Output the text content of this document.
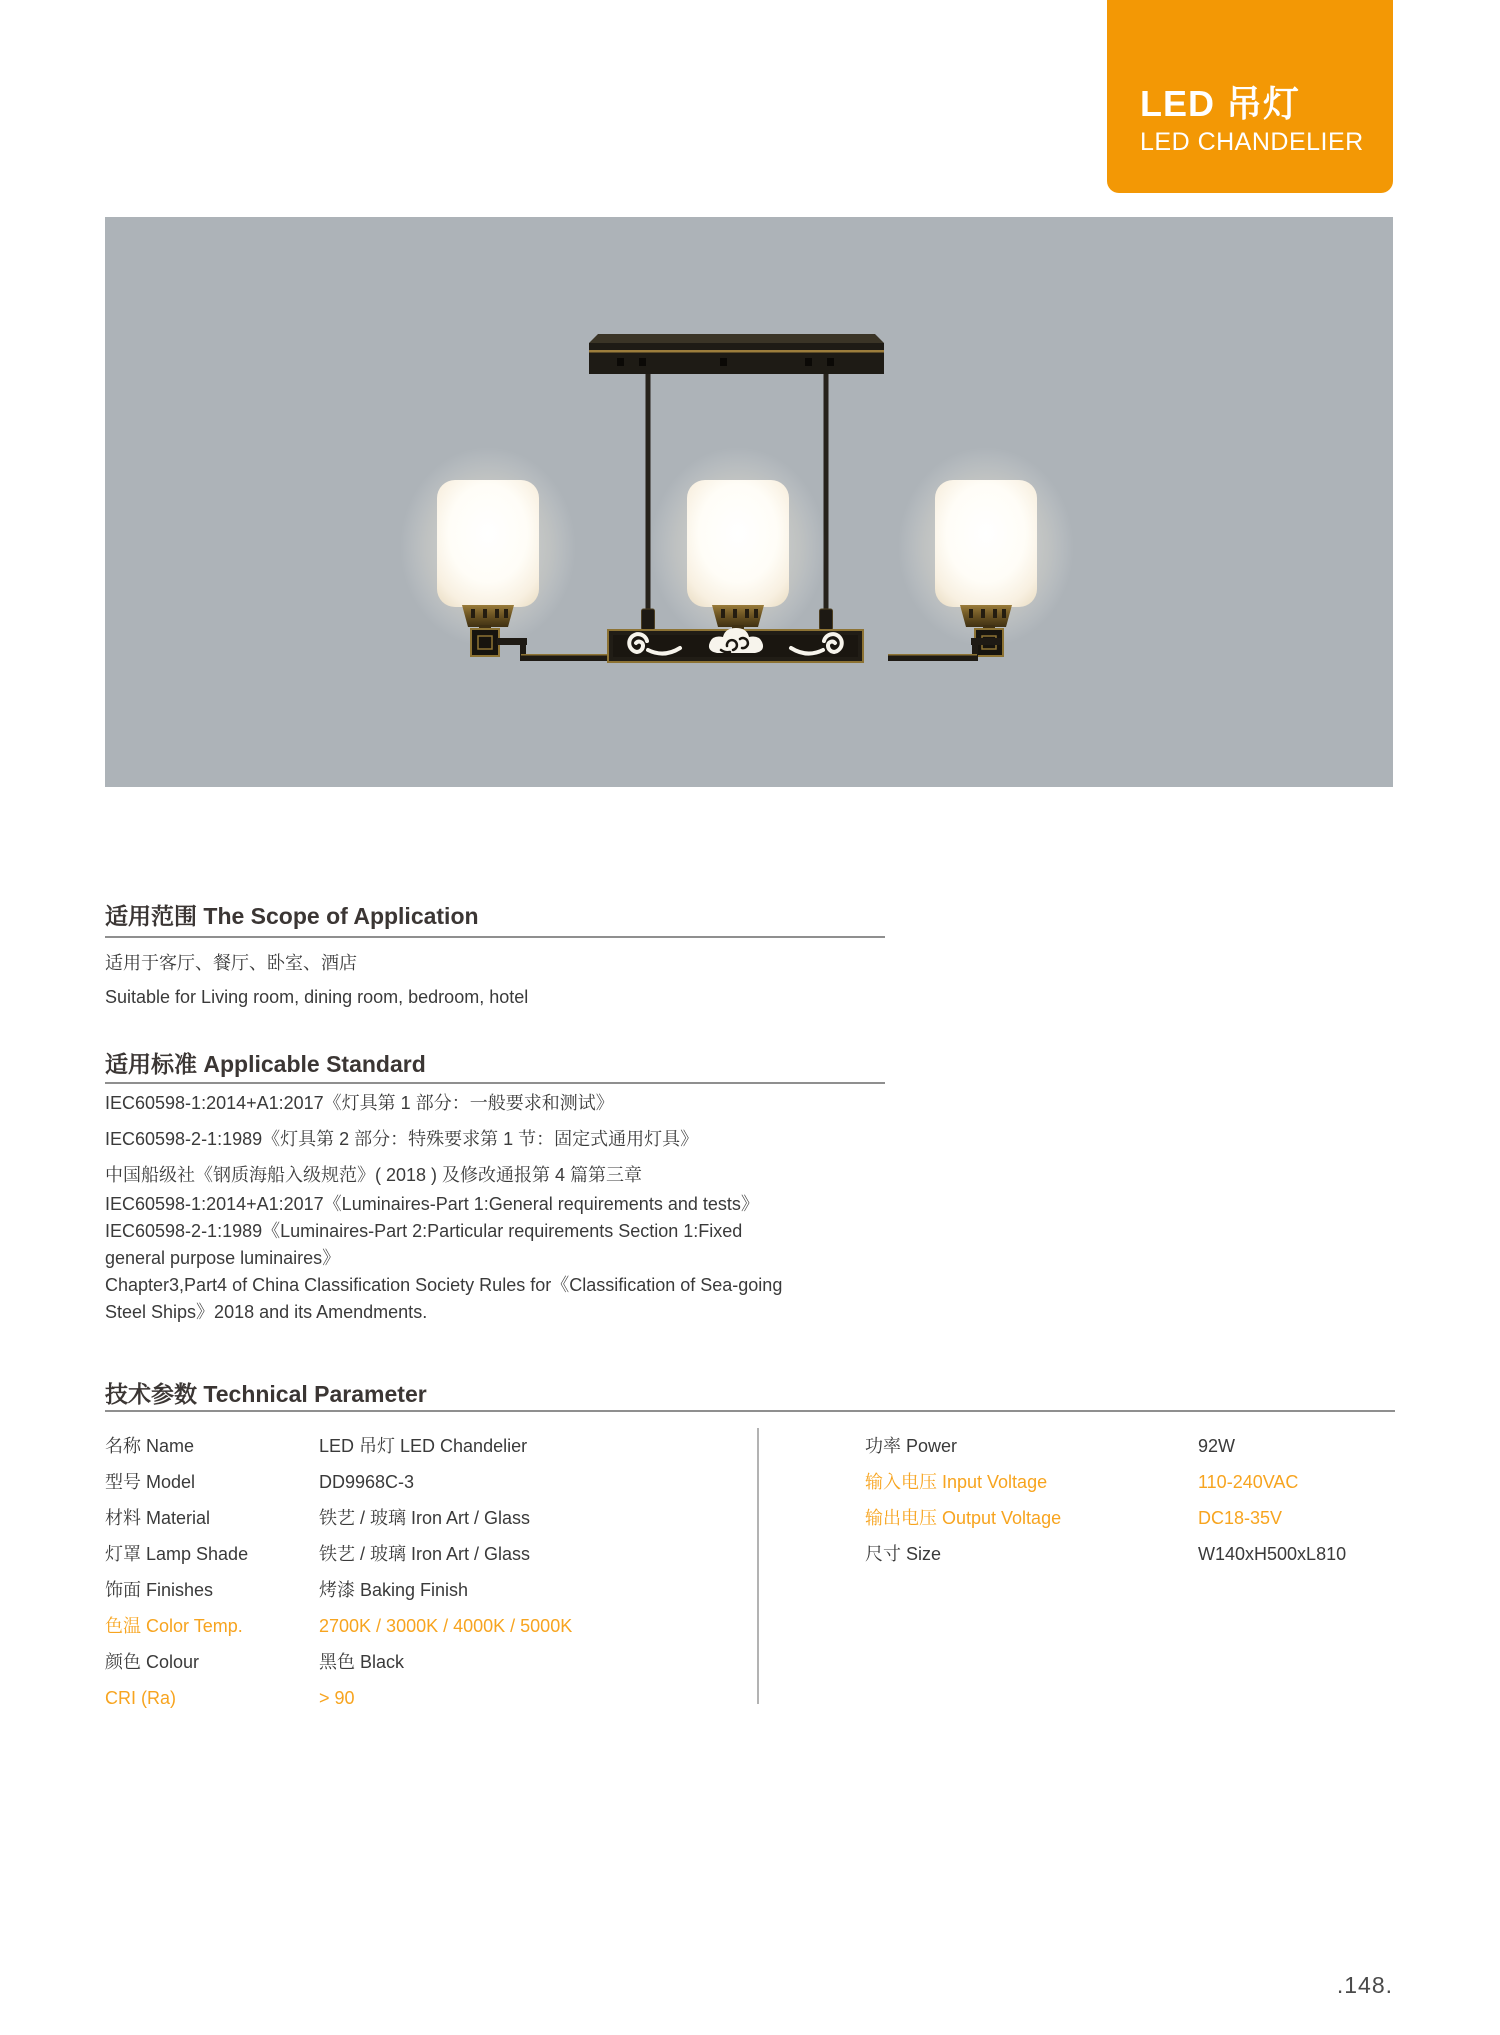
LED 吊灯
LED CHANDELIER
适用范围 The Scope of Application
适用于客厅、餐厅、卧室、酒店
Suitable for Living room, dining room, bedroom, hotel
适用标准 Applicable Standard
IEC60598-1:2014+A1:2017《灯具第 1 部分：一般要求和测试》
IEC60598-2-1:1989《灯具第 2 部分：特殊要求第 1 节：固定式通用灯具》
中国船级社《钢质海船入级规范》( 2018 ) 及修改通报第 4 篇第三章
IEC60598-1:2014+A1:2017《Luminaires-Part 1:General requirements and tests》
IEC60598-2-1:1989《Luminaires-Part 2:Particular requirements Section 1:Fixed
general purpose luminaires》
Chapter3,Part4 of China Classification Society Rules for《Classification of Sea-going
Steel Ships》2018 and its Amendments.
技术参数 Technical Parameter
名称 Name	LED 吊灯 LED Chandelier
型号 Model	DD9968C-3
材料 Material	铁艺 / 玻璃 Iron Art / Glass
灯罩 Lamp Shade	铁艺 / 玻璃 Iron Art / Glass
饰面 Finishes	烤漆 Baking Finish
色温 Color Temp.	2700K / 3000K / 4000K / 5000K
颜色 Colour	黑色 Black
CRI (Ra)	> 90
功率 Power	92W
输入电压 Input Voltage	110-240VAC
输出电压 Output Voltage	DC18-35V
尺寸 Size	W140xH500xL810
.148.
